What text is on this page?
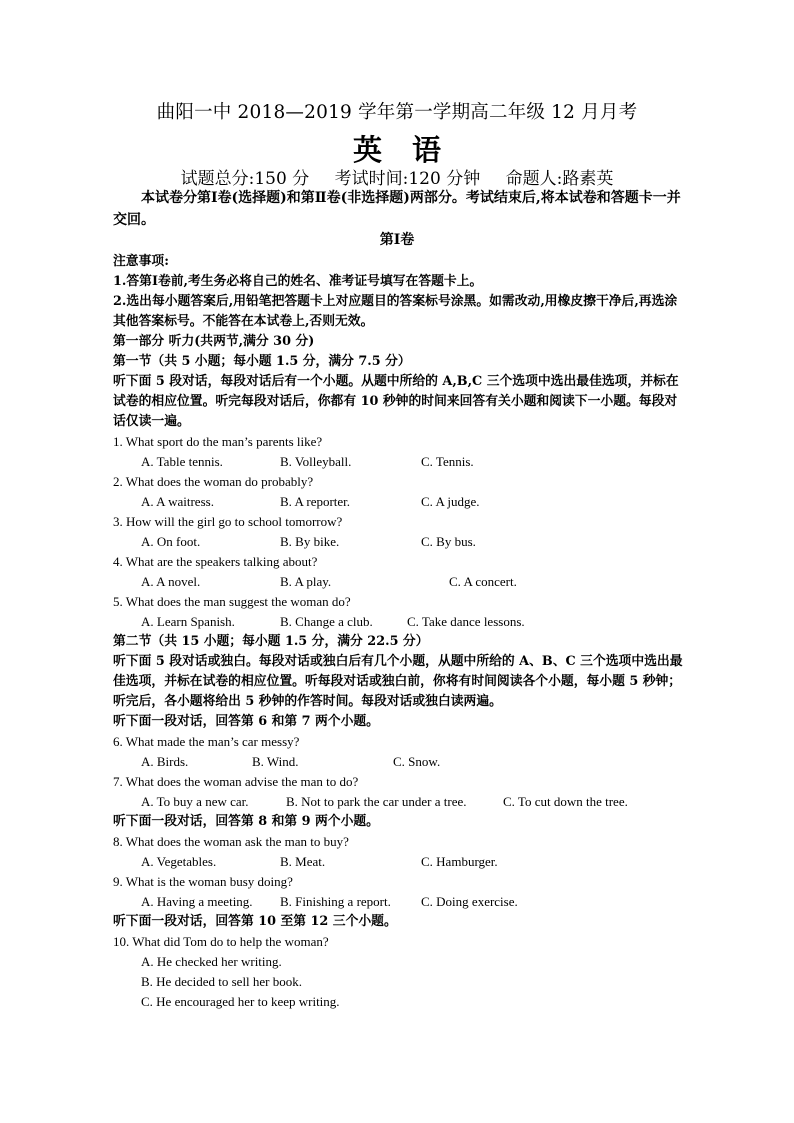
曲阳一中 2018—2019 学年第一学期高二年级 12 月月考
英语
试题总分:150 分 考试时间:120 分钟 命题人:路素英
本试卷分第Ⅰ卷(选择题)和第Ⅱ卷(非选择题)两部分。考试结束后,将本试卷和答题卡一并交回。
第Ⅰ卷
注意事项:
1.答第Ⅰ卷前,考生务必将自己的姓名、准考证号填写在答题卡上。
2.选出每小题答案后,用铅笔把答题卡上对应题目的答案标号涂黑。如需改动,用橡皮擦干净后,再选涂其他答案标号。不能答在本试卷上,否则无效。
第一部分 听力(共两节,满分 30 分)
第一节（共 5 小题；每小题 1.5 分，满分 7.5 分）
听下面 5 段对话，每段对话后有一个小题。从题中所给的 A,B,C 三个选项中选出最佳选项，并标在试卷的相应位置。听完每段对话后，你都有 10 秒钟的时间来回答有关小题和阅读下一小题。每段对话仅读一遍。
1. What sport do the man’s parents like?
A. Table tennis.	B. Volleyball.	C. Tennis.
2. What does the woman do probably?
A. A waitress.	B. A reporter.	C. A judge.
3. How will the girl go to school tomorrow?
A. On foot.	B. By bike.	C. By bus.
4. What are the speakers talking about?
A. A novel.	B. A play.	C. A concert.
5. What does the man suggest the woman do?
A. Learn Spanish.	B. Change a club.	C. Take dance lessons.
第二节（共 15 小题；每小题 1.5 分，满分 22.5 分）
听下面 5 段对话或独白。每段对话或独白后有几个小题，从题中所给的 A、B、C 三个选项中选出最佳选项，并标在试卷的相应位置。听每段对话或独白前，你将有时间阅读各个小题，每小题 5 秒钟；听完后，各小题将给出 5 秒钟的作答时间。每段对话或独白读两遍。
听下面一段对话，回答第 6 和第 7 两个小题。
6. What made the man’s car messy?
A. Birds.	B. Wind.	C. Snow.
7. What does the woman advise the man to do?
A. To buy a new car.	B. Not to park the car under a tree.	C. To cut down the tree.
听下面一段对话，回答第 8 和第 9 两个小题。
8. What does the woman ask the man to buy?
A. Vegetables.	B. Meat.	C. Hamburger.
9. What is the woman busy doing?
A. Having a meeting. B. Finishing a report. C. Doing exercise.
听下面一段对话，回答第 10 至第 12 三个小题。
10. What did Tom do to help the woman?
A. He checked her writing.
B. He decided to sell her book.
C. He encouraged her to keep writing.
